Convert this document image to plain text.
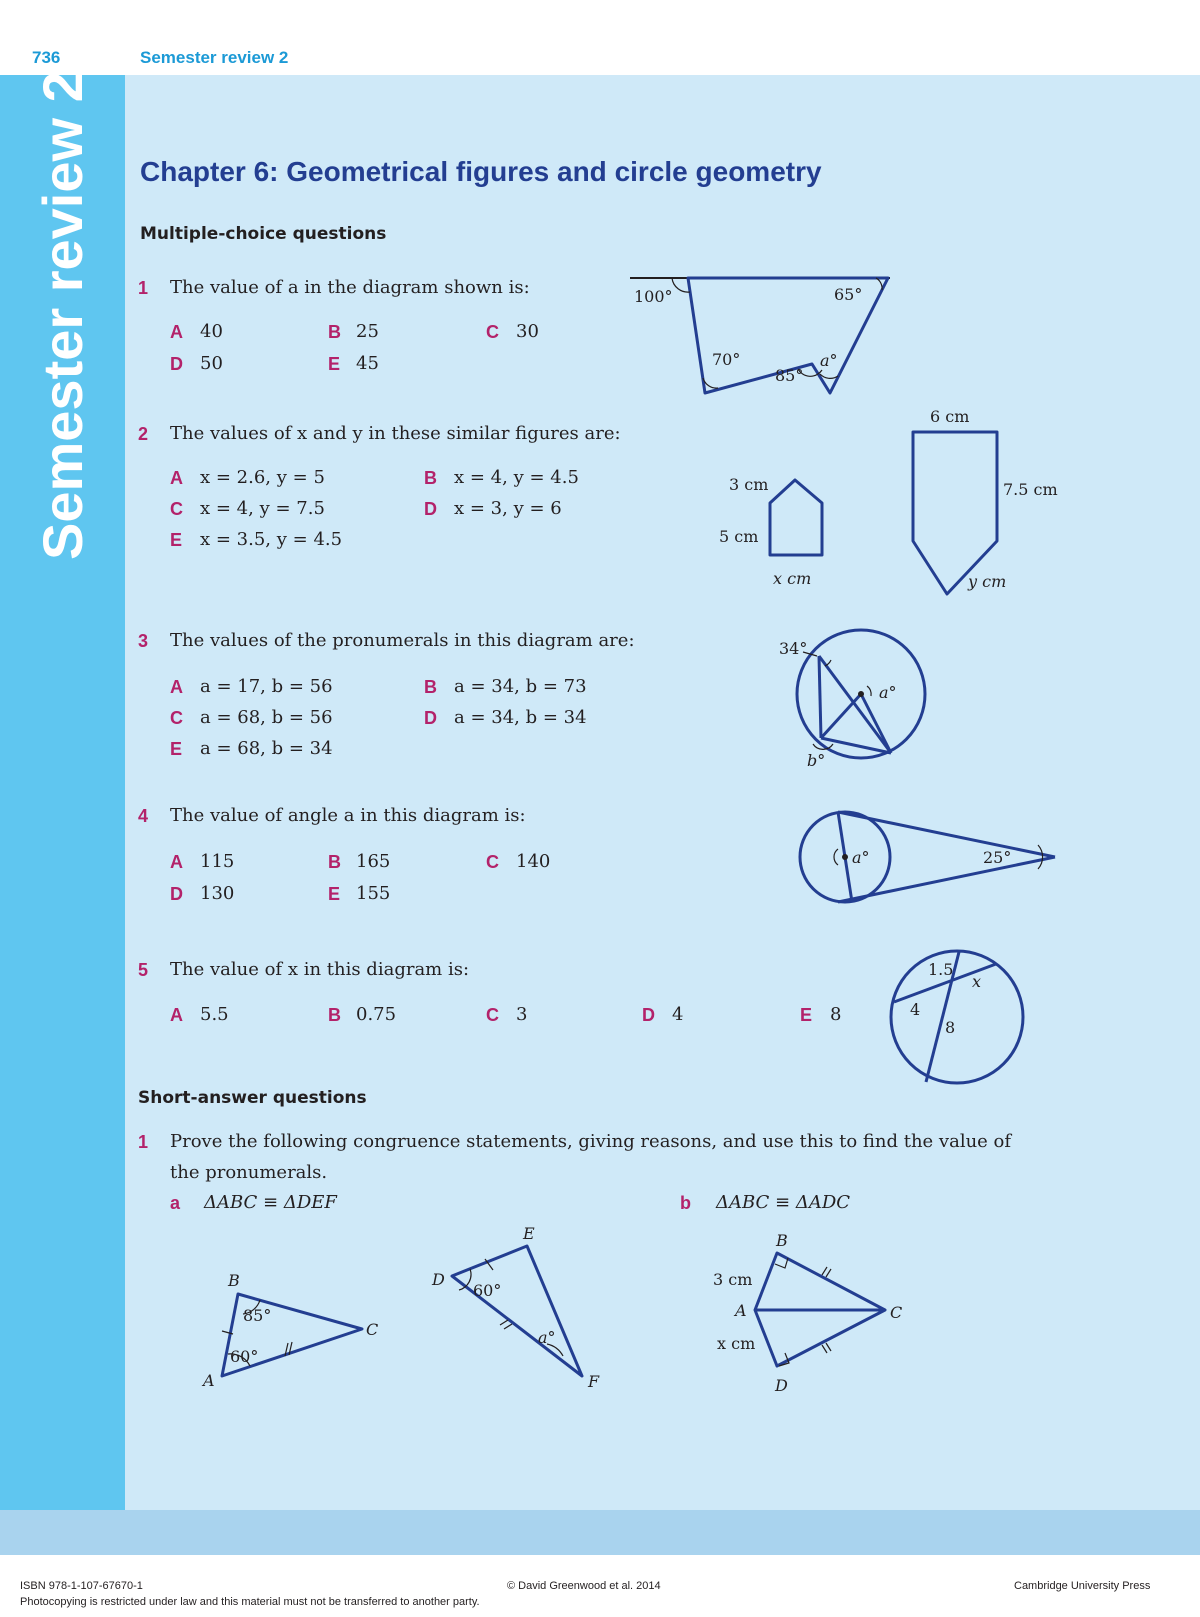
736	Semester review 2
Semester review 2 Chapter 6: Geometrical figures and circle geometry
Multiple-choice questions
1 The value of a in the diagram shown is:
A 40	B 25	C 30
D 50	E 45
2 The values of x and y in these similar figures are:
A x = 2.6, y = 5	B x = 4, y = 4.5
C x = 4, y = 7.5	D x = 3, y = 6
E x = 3.5, y = 4.5
3 The values of the pronumerals in this diagram are:
A a = 17, b = 56	B a = 34, b = 73
C a = 68, b = 56	D a = 34, b = 34
E a = 68, b = 34
4 The value of angle a in this diagram is:
A 115	B 165	C 140
D 130	E 155
5 The value of x in this diagram is:
A 5.5	B 0.75	C 3	D 4	E 8
Short-answer questions
1 Prove the following congruence statements, giving reasons, and use this to find the value of
the pronumerals.
a ΔABC ≡ ΔDEF	b ΔABC ≡ ΔADC
100°	65°
70°
85°
a°
6 cm
3 cm	7.5 cm
5 cm
x cm	y cm
34°
a°
b°
a°	25°
1.5
x
4
8
B
C
A
85°
60°
E
D
F
60°
a°
B
3 cm
A	C
x cm
D
ISBN 978-1-107-67670-1	© David Greenwood et al. 2014	Cambridge University Press
Photocopying is restricted under law and this material must not be transferred to another party.
